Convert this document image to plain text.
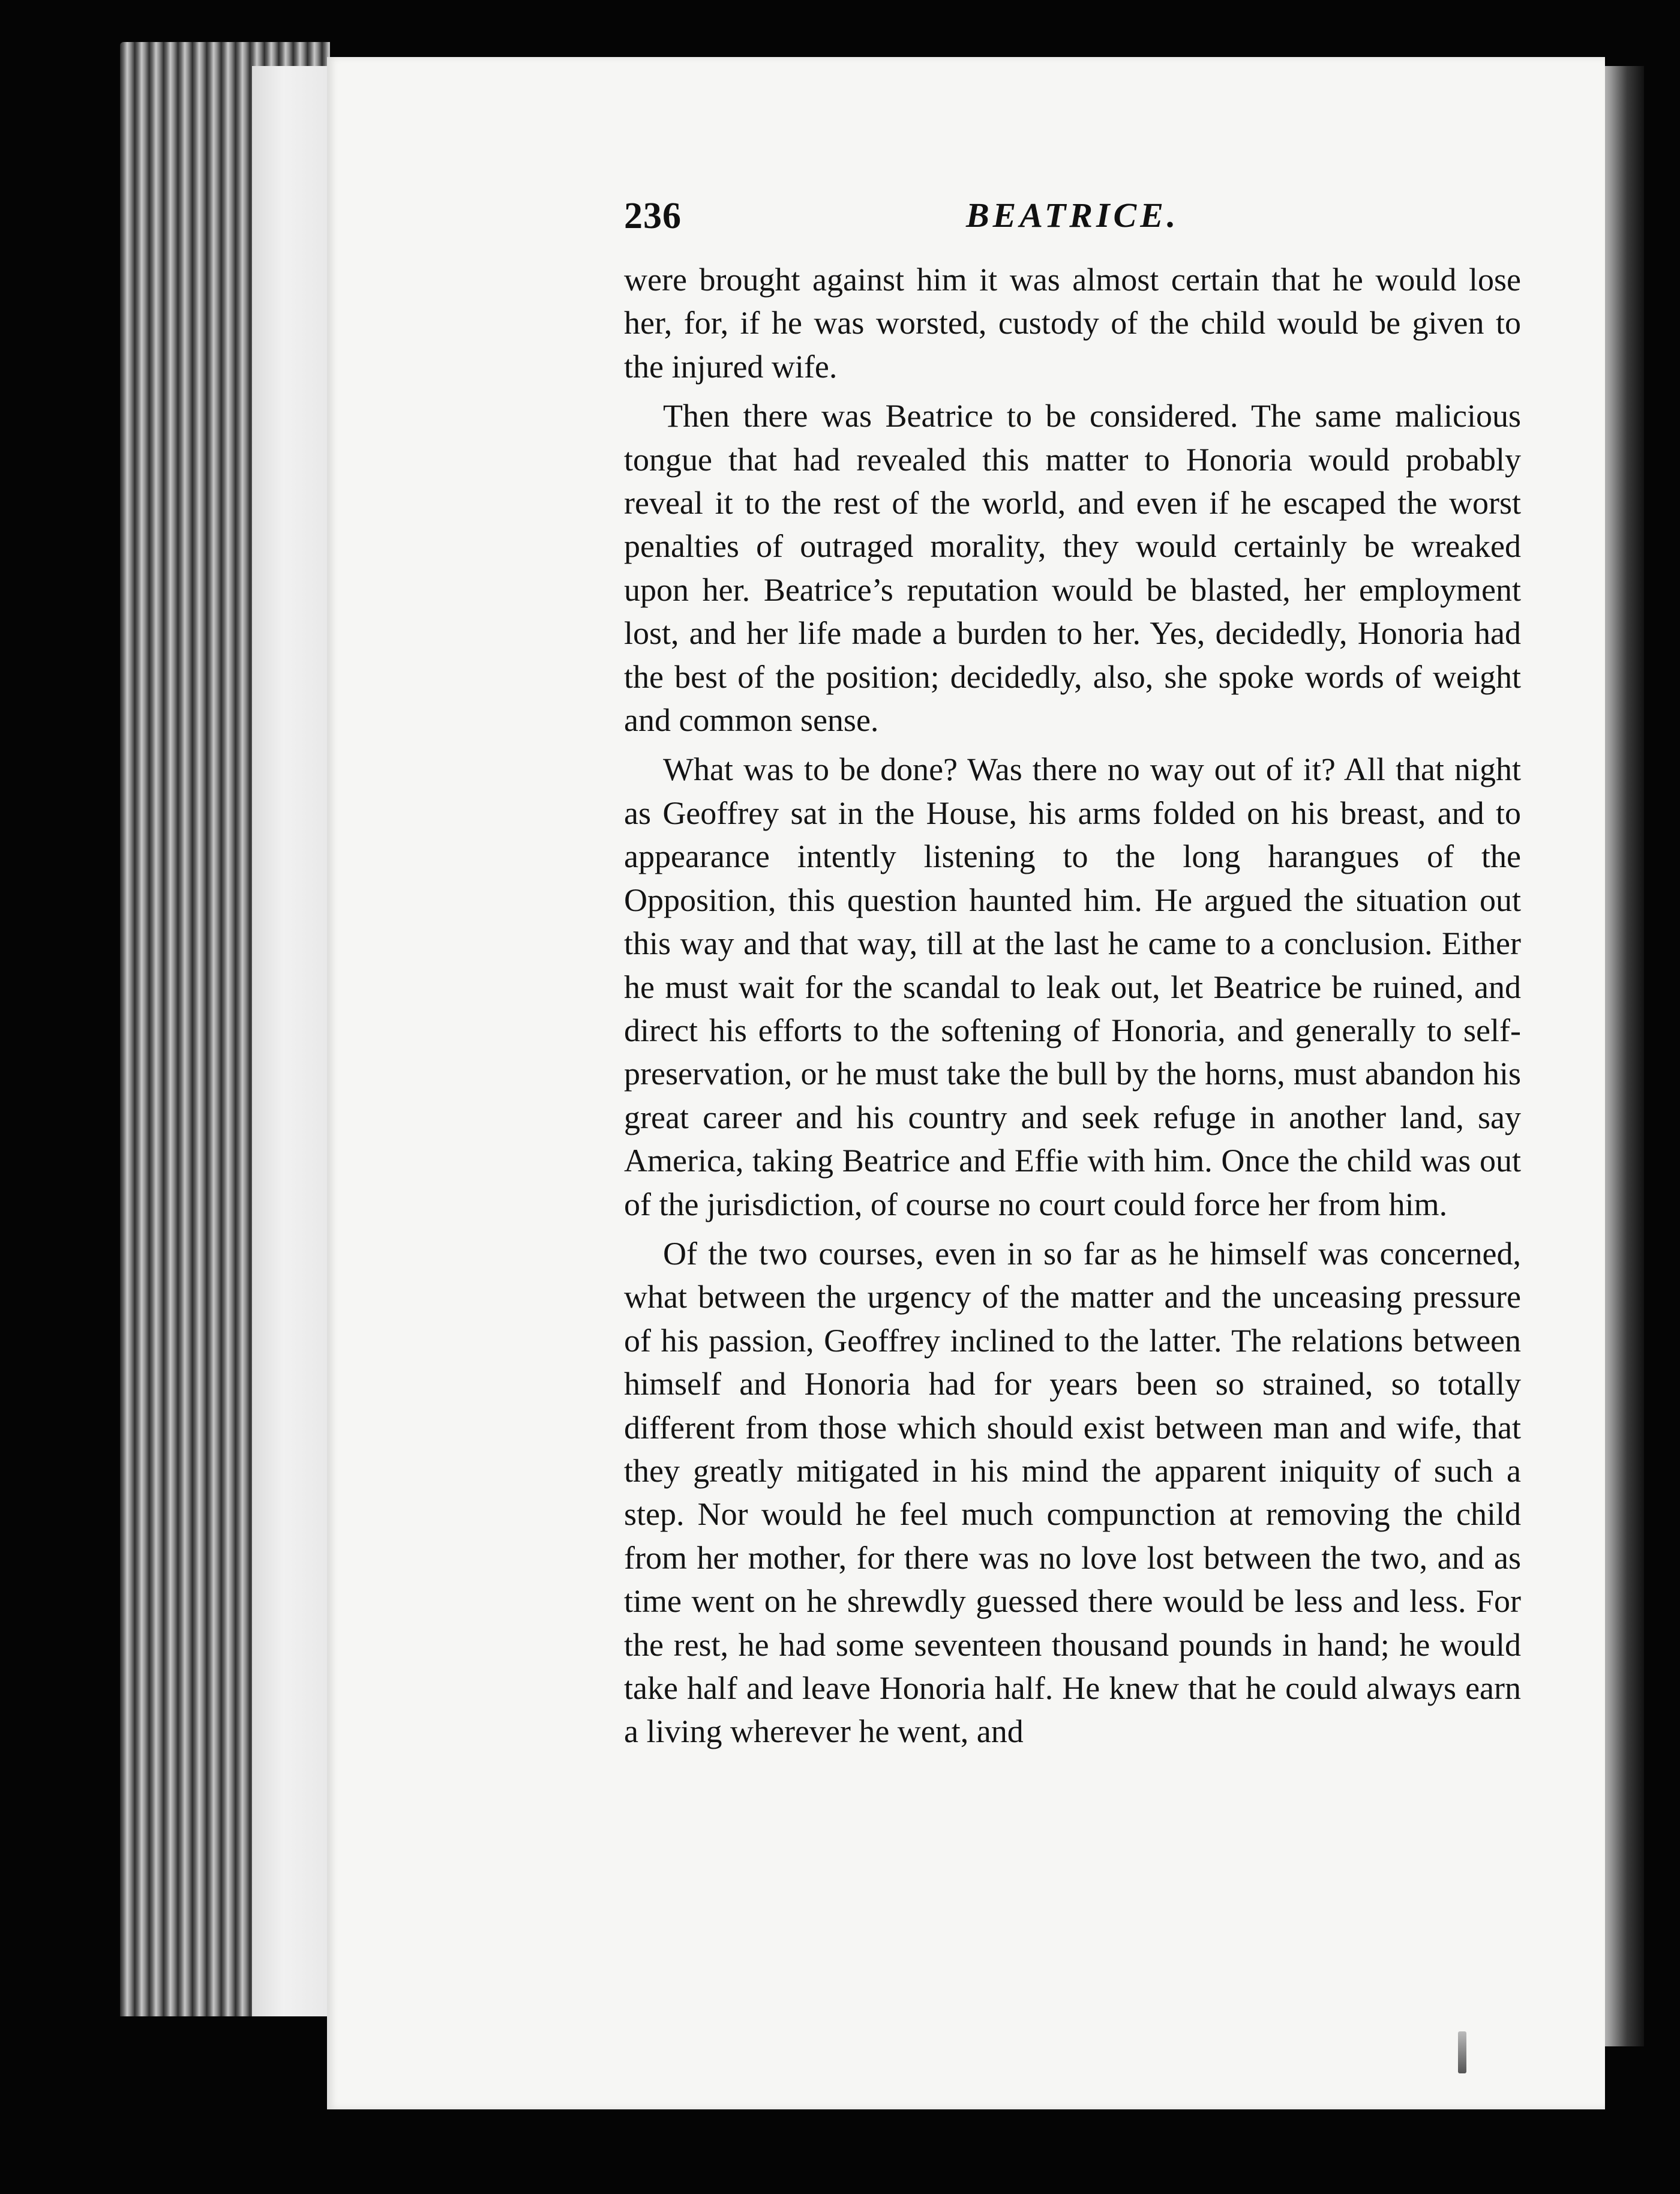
236	BEATRICE.

were brought against him it was almost certain that he would lose her, for, if he was worsted, custody of the child would be given to the injured wife.

Then there was Beatrice to be considered. The same malicious tongue that had revealed this matter to Honoria would probably reveal it to the rest of the world, and even if he escaped the worst penalties of outraged morality, they would certainly be wreaked upon her. Beatrice’s reputation would be blasted, her employment lost, and her life made a burden to her. Yes, decidedly, Honoria had the best of the position; decidedly, also, she spoke words of weight and common sense.

What was to be done? Was there no way out of it? All that night as Geoffrey sat in the House, his arms folded on his breast, and to appearance intently listening to the long harangues of the Opposition, this question haunted him. He argued the situation out this way and that way, till at the last he came to a conclusion. Either he must wait for the scandal to leak out, let Beatrice be ruined, and direct his efforts to the softening of Honoria, and generally to self-preservation, or he must take the bull by the horns, must abandon his great career and his country and seek refuge in another land, say America, taking Beatrice and Effie with him. Once the child was out of the jurisdiction, of course no court could force her from him.

Of the two courses, even in so far as he himself was concerned, what between the urgency of the matter and the unceasing pressure of his passion, Geoffrey inclined to the latter. The relations between himself and Honoria had for years been so strained, so totally different from those which should exist between man and wife, that they greatly mitigated in his mind the apparent iniquity of such a step. Nor would he feel much compunction at removing the child from her mother, for there was no love lost between the two, and as time went on he shrewdly guessed there would be less and less. For the rest, he had some seventeen thousand pounds in hand; he would take half and leave Honoria half. He knew that he could always earn a living wherever he went, and
